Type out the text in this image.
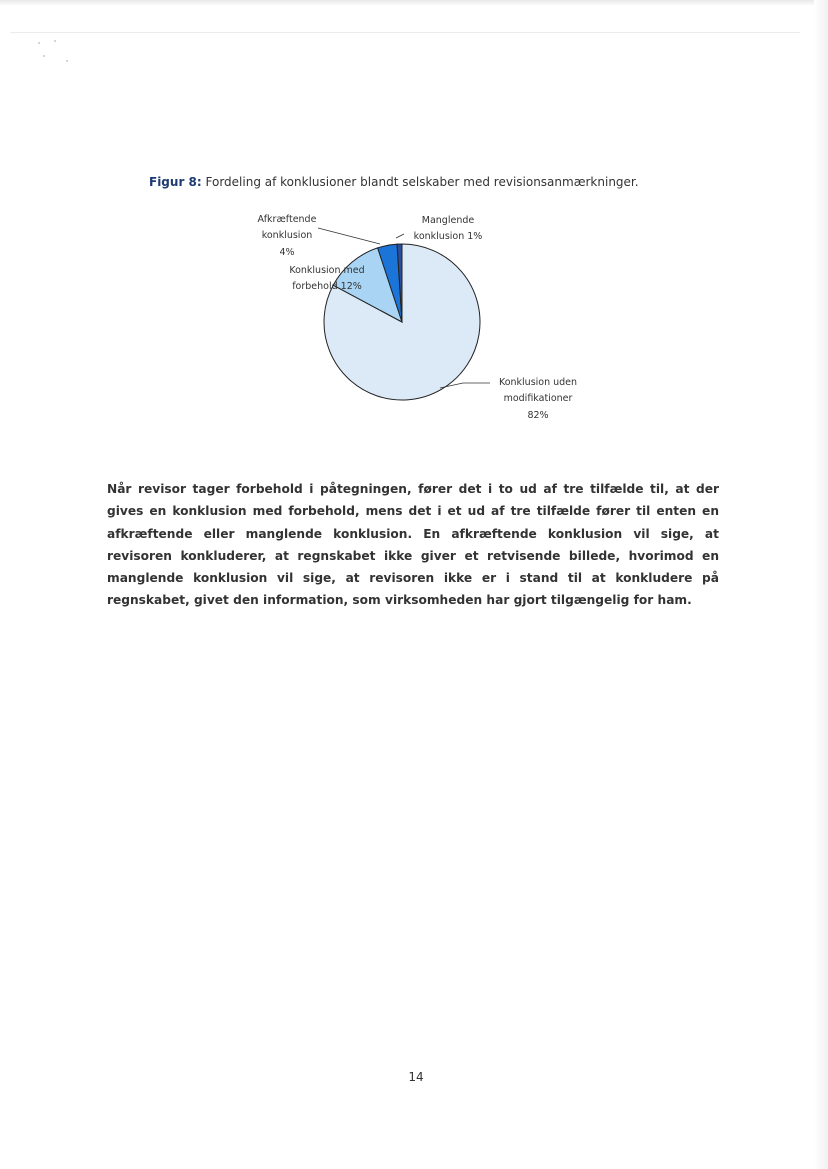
Figur 8: Fordeling af konklusioner blandt selskaber med revisionsanmærkninger.
Afkræftende
konklusion
4%
Manglende
konklusion 1%
Konklusion med
forbehold 12%
Konklusion uden
modifikationer
82%

Når revisor tager forbehold i påtegningen, fører det i to ud af tre tilfælde til, at der gives en konklusion med forbehold, mens det i et ud af tre tilfælde fører til enten en afkræftende eller manglende konklusion. En afkræftende konklusion vil sige, at revisoren konkluderer, at regnskabet ikke giver et retvisende billede, hvorimod en manglende konklusion vil sige, at revisoren ikke er i stand til at konkludere på regnskabet, givet den information, som virksomheden har gjort tilgængelig for ham.

14
